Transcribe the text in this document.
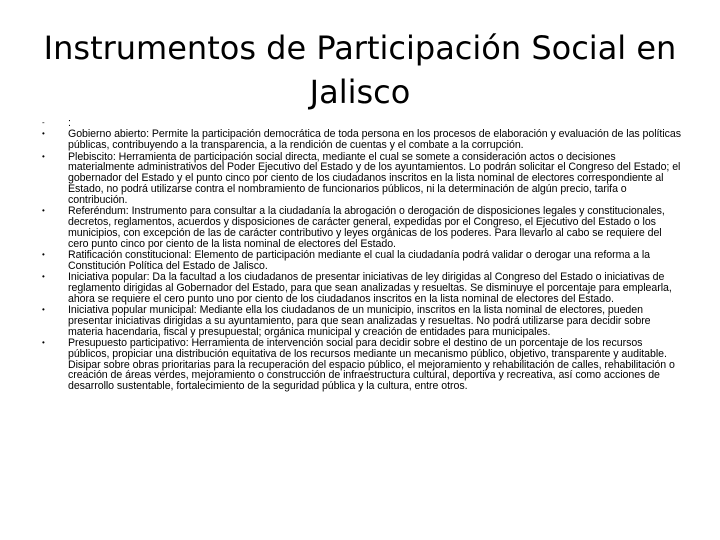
Instrumentos de Participación Social en Jalisco
-	:
•	Gobierno abierto: Permite la participación democrática de toda persona en los procesos de elaboración y evaluación de las políticas públicas, contribuyendo a la transparencia, a la rendición de cuentas y el combate a la corrupción.
•	Plebiscito: Herramienta de participación social directa, mediante el cual se somete a consideración actos o decisiones materialmente administrativos del Poder Ejecutivo del Estado y de los ayuntamientos. Lo podrán solicitar el Congreso del Estado; el gobernador del Estado y el punto cinco por ciento de los ciudadanos inscritos en la lista nominal de electores correspondiente al Estado, no podrá utilizarse contra el nombramiento de funcionarios públicos, ni la determinación de algún precio, tarifa o contribución.
•	Referéndum: Instrumento para consultar a la ciudadanía la abrogación o derogación de disposiciones legales y constitucionales, decretos, reglamentos, acuerdos y disposiciones de carácter general, expedidas por el Congreso, el Ejecutivo del Estado o los municipios, con excepción de las de carácter contributivo y leyes orgánicas de los poderes. Para llevarlo al cabo se requiere del cero punto cinco por ciento de la lista nominal de electores del Estado.
•	Ratificación constitucional: Elemento de participación mediante el cual la ciudadanía podrá validar o derogar una reforma a la Constitución Política del Estado de Jalisco.
•	Iniciativa popular: Da la facultad a los ciudadanos de presentar iniciativas de ley dirigidas al Congreso del Estado o iniciativas de reglamento dirigidas al Gobernador del Estado, para que sean analizadas y resueltas. Se disminuye el porcentaje para emplearla, ahora se requiere el cero punto uno por ciento de los ciudadanos inscritos en la lista nominal de electores del Estado.
•	Iniciativa popular municipal: Mediante ella los ciudadanos de un municipio, inscritos en la lista nominal de electores, pueden presentar iniciativas dirigidas a su ayuntamiento, para que sean analizadas y resueltas. No podrá utilizarse para decidir sobre materia hacendaria, fiscal y presupuestal; orgánica municipal y creación de entidades para municipales.
•	Presupuesto participativo: Herramienta de intervención social para decidir sobre el destino de un porcentaje de los recursos públicos, propiciar una distribución equitativa de los recursos mediante un mecanismo público, objetivo, transparente y auditable. Disipar sobre obras prioritarias para la recuperación del espacio público, el mejoramiento y rehabilitación de calles, rehabilitación o creación de áreas verdes, mejoramiento o construcción de infraestructura cultural, deportiva y recreativa, así como acciones de desarrollo sustentable, fortalecimiento de la seguridad pública y la cultura, entre otros.
